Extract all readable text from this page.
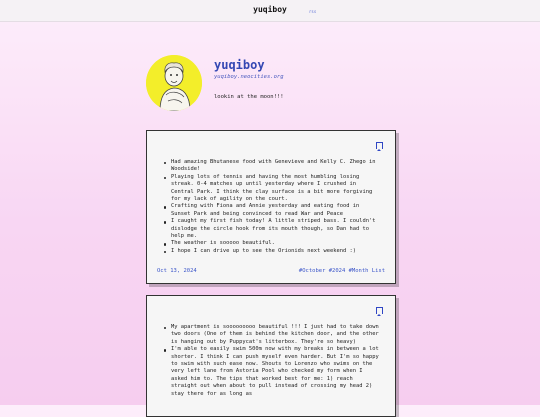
yuqiboy	rss
yuqiboy
yuqiboy.neocities.org
lookin at the moon!!!
Had amazing Bhutanese food with Genevieve and Kelly C. Zhego in Woodside!
Playing lots of tennis and having the most humbling losing streak. 0-4 matches up until yesterday where I crushed in Central Park. I think the clay surface is a bit more forgiving for my lack of agility on the court.
Crafting with Fiona and Annie yesterday and eating food in Sunset Park and being convinced to read War and Peace
I caught my first fish today! A little striped bass. I couldn't dislodge the circle hook from its mouth though, so Dan had to help me.
The weather is sooooo beautiful.
I hope I can drive up to see the Orionids next weekend :)
Oct 13, 2024	#October #2024 #Month List
My apartment is sooooooooo beautiful !!! I just had to take down two doors (One of them is behind the kitchen door, and the other is hanging out by Puppycat's litterbox. They're so heavy)
I'm able to easily swim 500m now with my breaks in between a lot shorter. I think I can push myself even harder. But I'm so happy to swim with such ease now. Shouts to Lorenzo who swims on the very left lane from Astoria Pool who checked my form when I asked him to. The tips that worked best for me: 1) reach straight out when about to pull instead of crossing my head 2) stay there for as long as
